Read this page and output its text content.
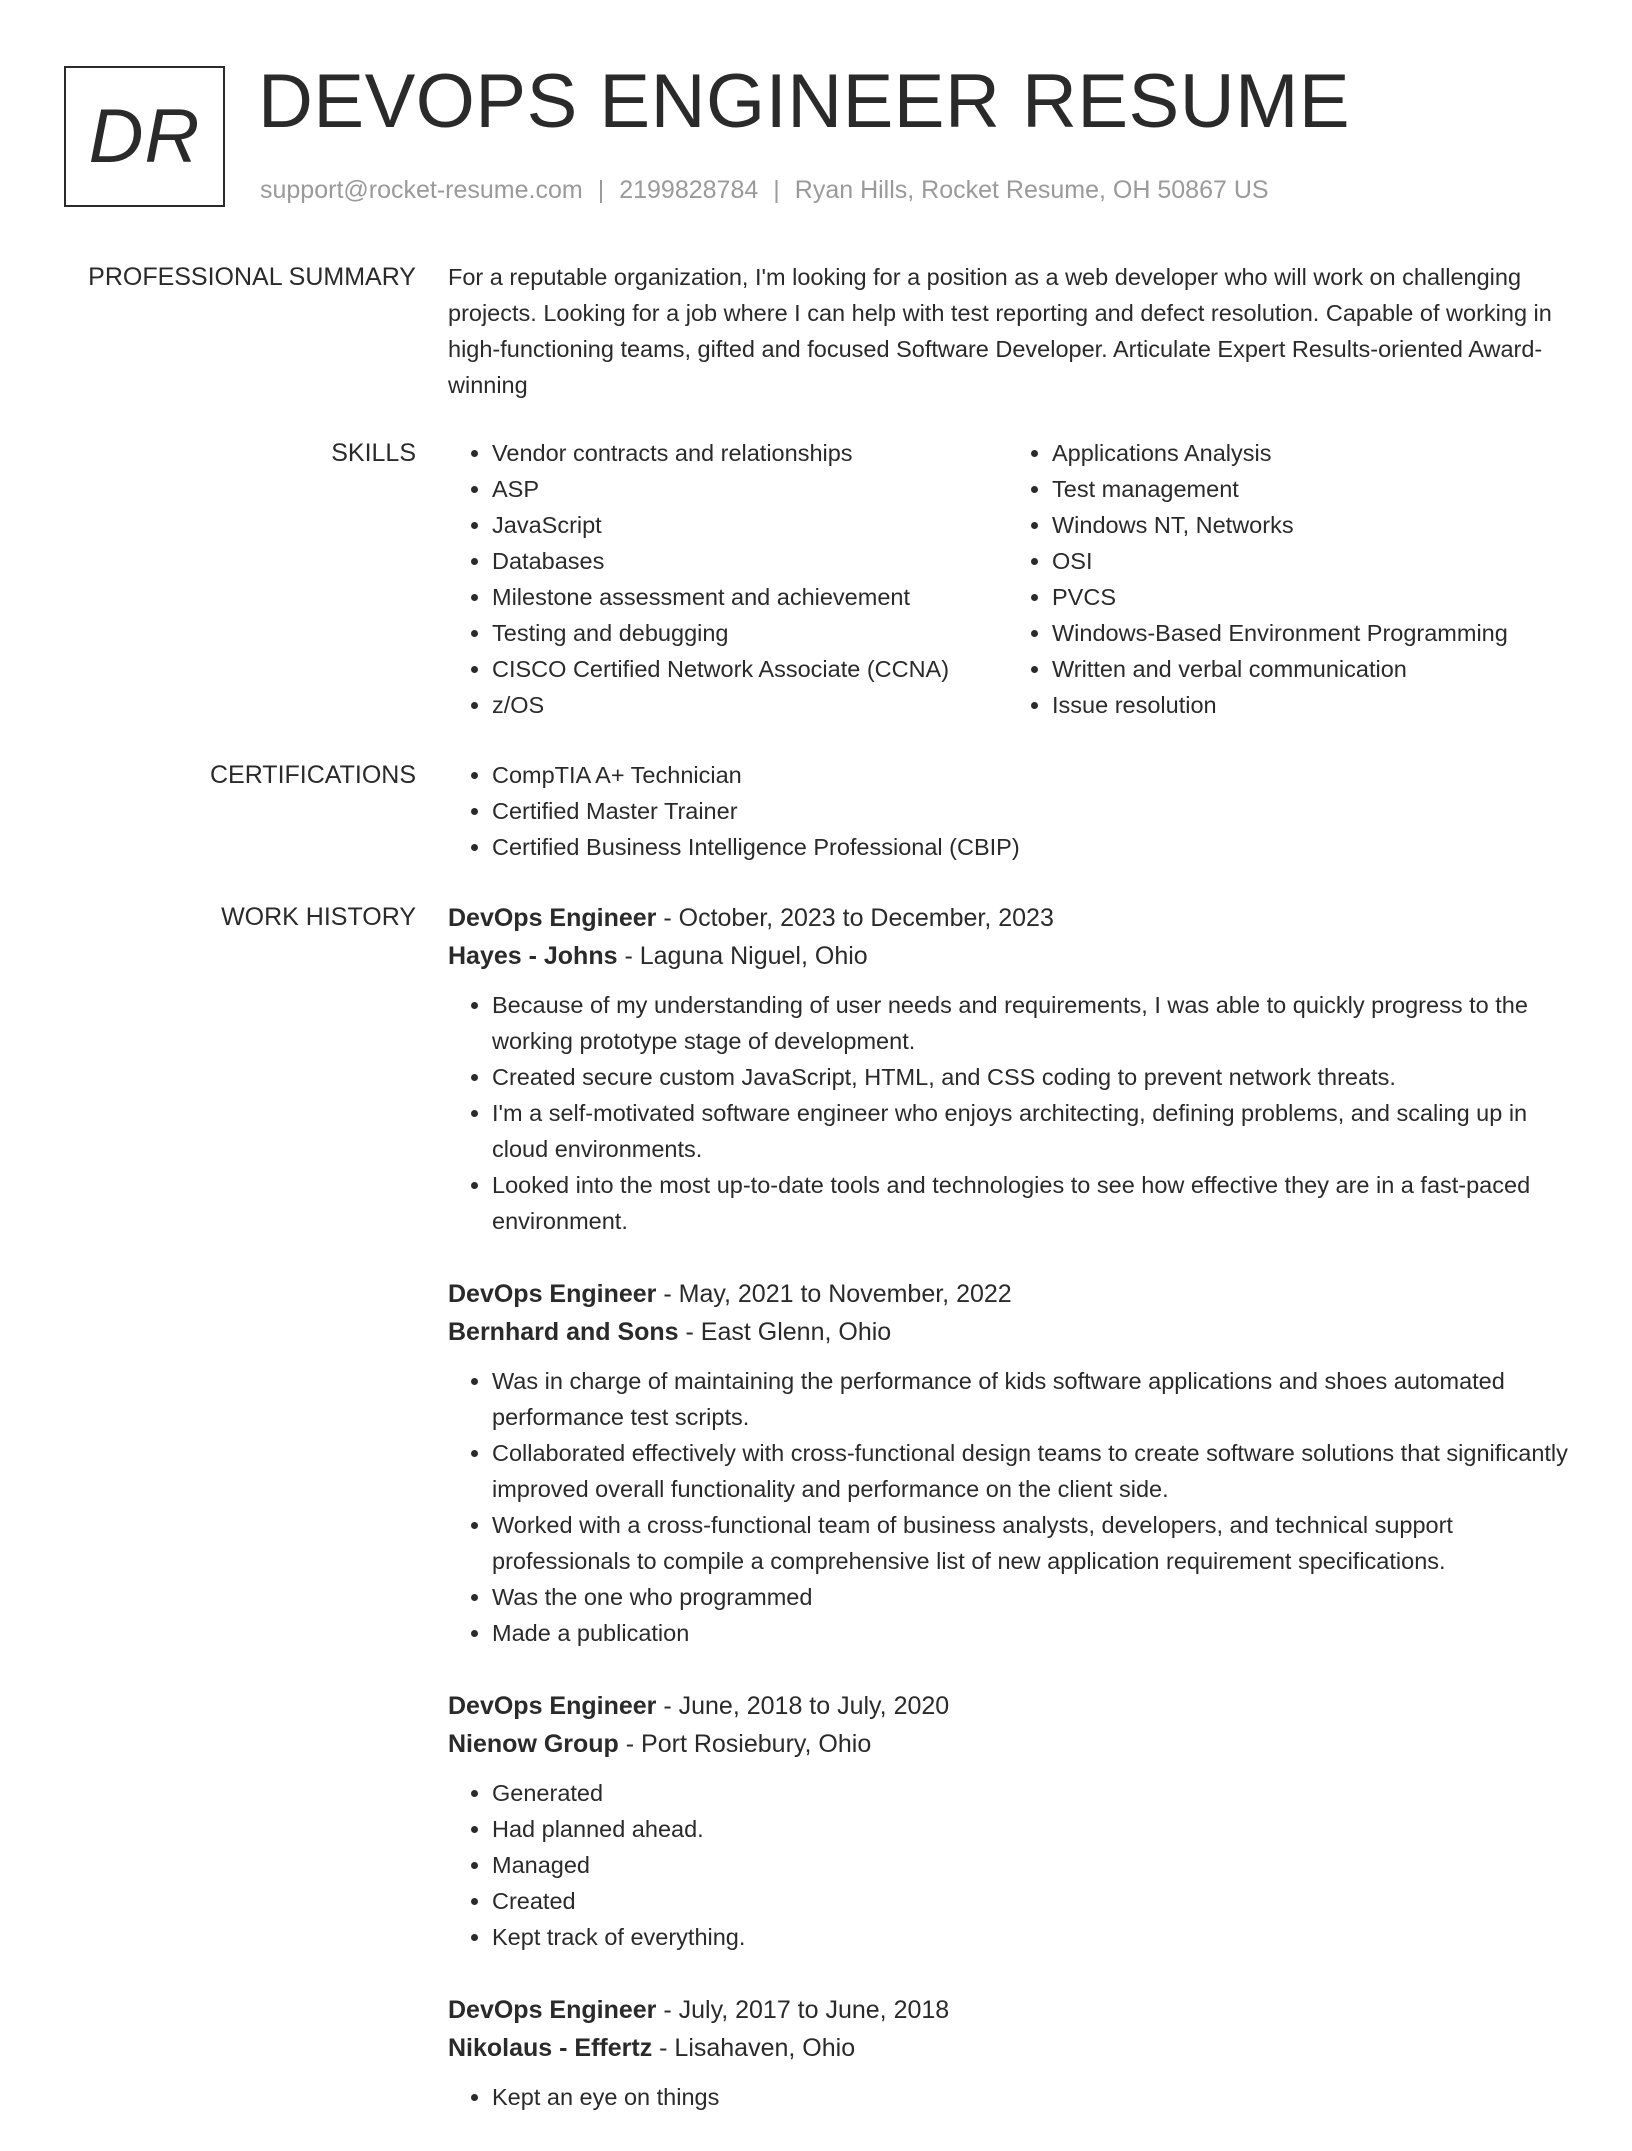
DR DEVOPS ENGINEER RESUME
support@rocket-resume.com | 2199828784 | Ryan Hills, Rocket Resume, OH 50867 US
PROFESSIONAL SUMMARY For a reputable organization, I'm looking for a position as a web developer who will work on challenging projects. Looking for a job where I can help with test reporting and defect resolution. Capable of working in high-functioning teams, gifted and focused Software Developer. Articulate Expert Results-oriented Award-winning
SKILLS	• Vendor contracts and relationships
• ASP
• JavaScript
• Databases
• Milestone assessment and achievement
• Testing and debugging
• CISCO Certified Network Associate (CCNA)
• z/OS
• Applications Analysis
• Test management
• Windows NT, Networks
• OSI
• PVCS
• Windows-Based Environment Programming
• Written and verbal communication
• Issue resolution
CERTIFICATIONS	• CompTIA A+ Technician
• Certified Master Trainer
• Certified Business Intelligence Professional (CBIP)
WORK HISTORY DevOps Engineer - October, 2023 to December, 2023
Hayes - Johns - Laguna Niguel, Ohio
• Because of my understanding of user needs and requirements, I was able to quickly progress to the working prototype stage of development.
• Created secure custom JavaScript, HTML, and CSS coding to prevent network threats.
• I'm a self-motivated software engineer who enjoys architecting, defining problems, and scaling up in cloud environments.
• Looked into the most up-to-date tools and technologies to see how effective they are in a fast-paced environment.
DevOps Engineer - May, 2021 to November, 2022
Bernhard and Sons - East Glenn, Ohio
• Was in charge of maintaining the performance of kids software applications and shoes automated performance test scripts.
• Collaborated effectively with cross-functional design teams to create software solutions that significantly improved overall functionality and performance on the client side.
• Worked with a cross-functional team of business analysts, developers, and technical support professionals to compile a comprehensive list of new application requirement specifications.
• Was the one who programmed
• Made a publication
DevOps Engineer - June, 2018 to July, 2020
Nienow Group - Port Rosiebury, Ohio
• Generated
• Had planned ahead.
• Managed
• Created
• Kept track of everything.
DevOps Engineer - July, 2017 to June, 2018
Nikolaus - Effertz - Lisahaven, Ohio
• Kept an eye on things
